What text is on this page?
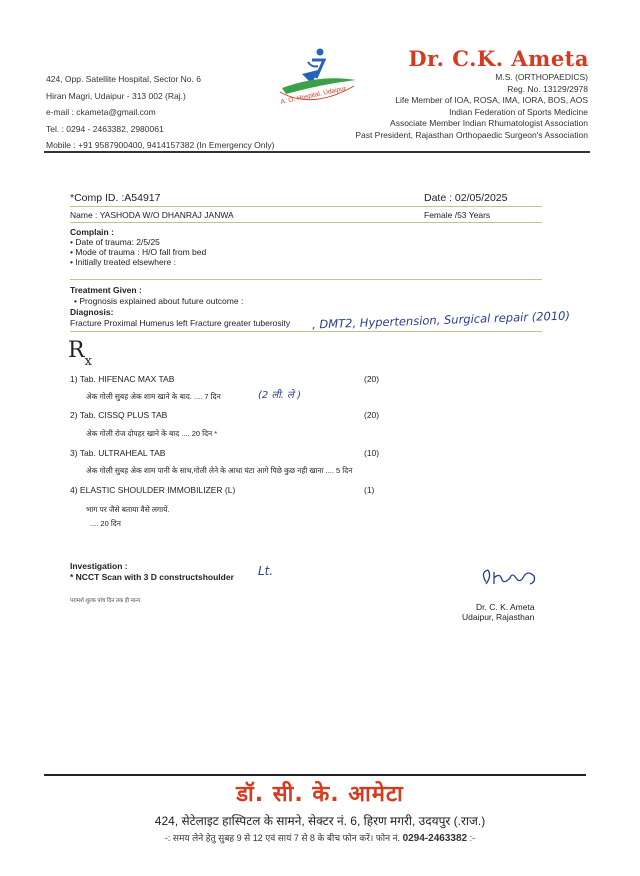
424, Opp. Satellite Hospital, Sector No. 6
Hiran Magri, Udaipur - 313 002 (Raj.)
e-mail : ckameta@gmail.com
Tel. : 0294 - 2463382, 2980061
Mobile : +91 9587900400, 9414157382 (In Emergency Only)
A. O. Hospital, Udaipur
Dr. C.K. Ameta
M.S. (ORTHOPAEDICS)
Reg. No. 13129/2978
Life Member of IOA, ROSA, IMA, IORA, BOS, AOS
Indian Federation of Sports Medicine
Associate Member Indian Rhumatologist Association
Past President, Rajasthan Orthopaedic Surgeon's Association
*Comp ID. :A54917	Date : 02/05/2025
Name : YASHODA W/O DHANRAJ JANWA	Female /53 Years
Complain :
• Date of trauma: 2/5/25
• Mode of trauma : H/O fall from bed
• Initially treated elsewhere :
Treatment Given :
• Prognosis explained about future outcome :
Diagnosis:
Fracture Proximal Humerus left Fracture greater tuberosity , DMT2, Hypertension, Surgical repair (2010)
$R_x$
1) Tab. HIFENAC MAX TAB	(20)
अेक गोली सुबह अेक शाम खाने के बाद. .... 7 दिन	(2 ली. ले )
2) Tab. CISSQ PLUS TAB	(20)
अेक गोली रोज दोपहर खाने के बाद .... 20 दिन *
3) Tab. ULTRAHEAL TAB	(10)
अेक गोली सुबह अेक शाम पानी के साथ,गोली लेने के आधा घंटा आगे पिछे कुछ नही खाना .... 5 दिन
4) ELASTIC SHOULDER IMMOBILIZER (L)	(1)
भाग पर जैसे बताया वैसे लगायें.
.... 20 दिन
Investigation :
* NCCT Scan with 3 D constructshoulder Lt.
परामर्श शुल्क पांच दिन तक ही मान्य
Dr. C. K. Ameta
Udaipur, Rajasthan
डॉ. सी. के. आमेटा
424, सेटेलाइट हास्पिटल के सामने, सेक्टर नं. 6, हिरण मगरी, उदयपुर (.राज.)
-: समय लेने हेतु सुबह 9 से 12 एवं सायं 7 से 8 के बीच फोन करें। फोन नं. 0294-2463382 :-
